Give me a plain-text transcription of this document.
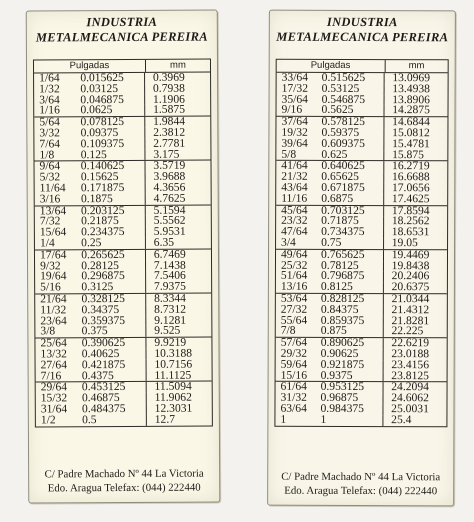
INDUSTRIA
METALMECANICA PEREIRA
Pulgadas	mm
1/64	0.015625	0.3969
1/32	0.03125	0.7938
3/64	0.046875	1.1906
1/16	0.0625	1.5875
5/64	0.078125	1.9844
3/32	0.09375	2.3812
7/64	0.109375	2.7781
1/8	0.125	3.175
9/64	0.140625	3.5719
5/32	0.15625	3.9688
11/64	0.171875	4.3656
3/16	0.1875	4.7625
13/64	0.203125	5.1594
7/32	0.21875	5.5562
15/64	0.234375	5.9531
1/4	0.25	6.35
17/64	0.265625	6.7469
9/32	0.28125	7.1438
19/64	0.296875	7.5406
5/16	0.3125	7.9375
21/64	0.328125	8.3344
11/32	0.34375	8.7312
23/64	0.359375	9.1281
3/8	0.375	9.525
25/64	0.390625	9.9219
13/32	0.40625	10.3188
27/64	0.421875	10.7156
7/16	0.4375	11.1125
29/64	0.453125	11.5094
15/32	0.46875	11.9062
31/64	0.484375	12.3031
1/2	0.5	12.7
C/ Padre Machado Nº 44 La Victoria
Edo. Aragua Telefax: (044) 222440
INDUSTRIA
METALMECANICA PEREIRA
Pulgadas	mm
33/64	0.515625	13.0969
17/32	0.53125	13.4938
35/64	0.546875	13.8906
9/16	0.5625	14.2875
37/64	0.578125	14.6844
19/32	0.59375	15.0812
39/64	0.609375	15.4781
5/8	0.625	15.875
41/64	0.640625	16.2719
21/32	0.65625	16.6688
43/64	0.671875	17.0656
11/16	0.6875	17.4625
45/64	0.703125	17.8594
23/32	0.71875	18.2562
47/64	0.734375	18.6531
3/4	0.75	19.05
49/64	0.765625	19.4469
25/32	0.78125	19.8438
51/64	0.796875	20.2406
13/16	0.8125	20.6375
53/64	0.828125	21.0344
27/32	0.84375	21.4312
55/64	0.859375	21.8281
7/8	0.875	22.225
57/64	0.890625	22.6219
29/32	0.90625	23.0188
59/64	0.921875	23.4156
15/16	0.9375	23.8125
61/64	0.953125	24.2094
31/32	0.96875	24.6062
63/64	0.984375	25.0031
1	1	25.4
C/ Padre Machado Nº 44 La Victoria
Edo. Aragua Telefax: (044) 222440
